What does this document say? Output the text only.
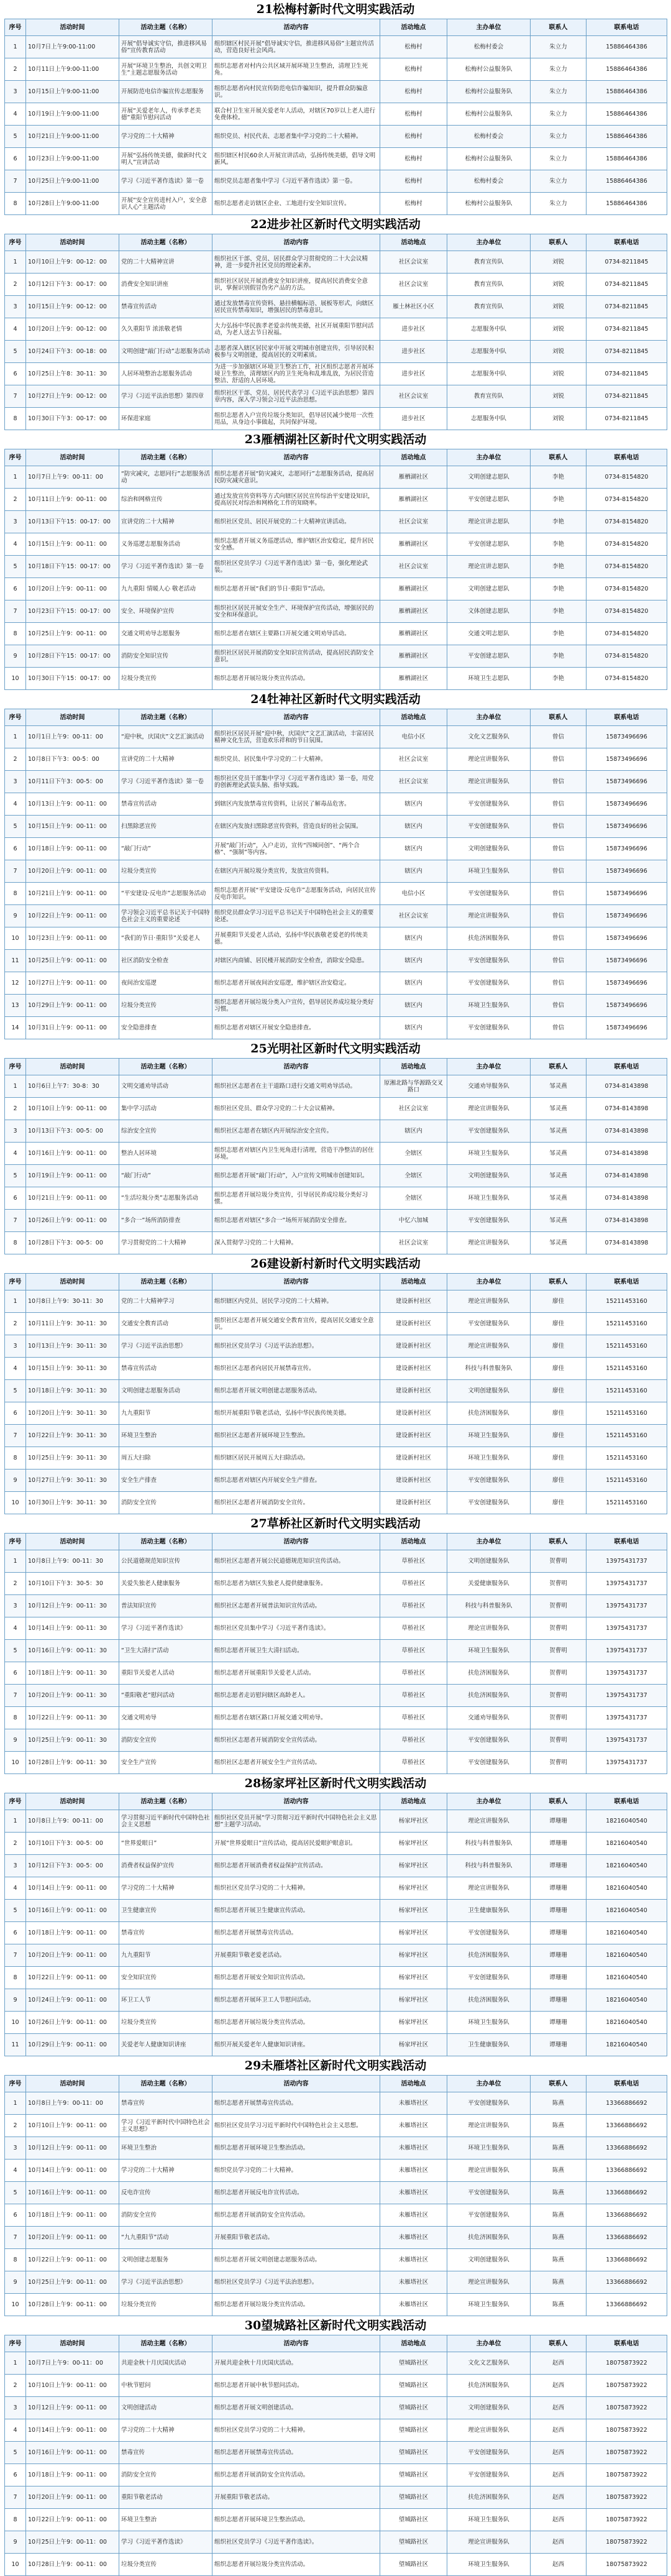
21松梅村新时代文明实践活动
序号	活动时间	活动主题（名称）	活动内容	活动地点	主办单位	联系人	联系电话
1	10月7日上午9:00-11:00	开展“倡导诚实守信，推进移风易俗”宣传教育活动	组织辖区村民开展“倡导诚实守信，推进移风易俗”主题宣传活动，营造良好社会风尚。	松梅村	松梅村委会	朱立力	15886464386
2	10月11日上午9:00-11:00	开展“环境卫生整治，共创文明卫生”主题志愿服务活动	组织志愿者对村内公共区域开展环境卫生整治，清理卫生死角。	松梅村	松梅村公益服务队	朱立力	15886464386
3	10月15日上午9:00-11:00	开展防范电信诈骗宣传志愿服务	组织志愿者向村民宣传防范电信诈骗知识，提升群众防骗意识。	松梅村	松梅村公益服务队	朱立力	15886464386
4	10月19日上午9:00-11:00	开展“关爱老年人，传承孝老美德”重阳节慰问活动	联合村卫生室开展关爱老年人活动，对辖区70岁以上老人进行免费体检。	松梅村	松梅村公益服务队	朱立力	15886464386
5	10月21日上午9:00-11:00	学习党的二十大精神	组织党员、村民代表、志愿者集中学习党的二十大精神。	松梅村	松梅村委会	朱立力	15886464386
6	10月23日上午9:00-11:00	开展“弘扬传统美德，做新时代文明人”宣讲活动	组织辖区村民60余人开展宣讲活动，弘扬传统美德，倡导文明新风。	松梅村	松梅村公益服务队	朱立力	15886464386
7	10月25日上午9:00-11:00	学习《习近平著作选读》第一卷	组织党员志愿者集中学习《习近平著作选读》第一卷。	松梅村	松梅村委会	朱立力	15886464386
8	10月28日上午9:00-11:00	开展“安全宣传进村入户，安全意识人心”主题活动	组织志愿者走访辖区企业、工地进行安全知识宣传。	松梅村	松梅村公益服务队	朱立力	15886464386
22进步社区新时代文明实践活动
序号	活动时间	活动主题（名称）	活动内容	活动地点	主办单位	联系人	联系电话
1	10月10日上午9：00-12：00	党的二十大精神宣讲	组织社区干部、党员、居民群众学习贯彻党的二十大会议精神，进一步提升社区党员的理论素养。	社区会议室	教育宣传队	刘锐	0734-8211845
2	10月12日下午3：00-17：00	消费安全知识讲座	组织社区居民开展消费安全知识讲座，提高居民消费安全意识，掌握识别假冒伪劣产品的方法。	社区会议室	教育宣传队	刘锐	0734-8211845
3	10月15日上午9：00-12：00	禁毒宣传活动	通过发放禁毒宣传资料、悬挂横幅标语、展板等形式，向辖区居民宣传禁毒知识，增强居民的禁毒意识。	雁土林社区小区	教育宣传队	刘锐	0734-8211845
4	10月20日上午9：00-12：00	久久重阳节 浓浓敬老情	大力弘扬中华民族孝老爱亲传统美德，社区开展重阳节慰问活动，为老人送去节日祝福。	进步社区	志愿服务中队	刘锐	0734-8211845
5	10月24日下午3：00-18：00	文明创建“敲门行动”志愿服务活动	志愿者深入辖区居民家中开展文明城市创建宣传，引导居民积极参与文明创建，提高居民的文明素质。	进步社区	志愿服务中队	刘锐	0734-8211845
6	10月25日上午8：30-11：30	人居环境整治志愿服务活动	为进一步加强辖区环境卫生整治工作，社区组织志愿者开展环境卫生整治，清理辖区内的卫生死角和乱堆乱放，为居民营造整洁、舒适的人居环境。	进步社区	志愿服务中队	刘锐	0734-8211845
7	10月27日上午9：00-12：00	学习《习近平法治思想》第四章	组织社区干部、党员、居民代表学习《习近平法治思想》第四章内容，深入学习领会习近平法治思想。	社区会议室	教育宣传队	刘锐	0734-8211845
8	10月30日下午3：00-17：00	环保进家庭	组织志愿者入户宣传垃圾分类知识，倡导居民减少使用一次性用品，从身边小事做起，共同保护环境。	进步社区	志愿服务中队	刘锐	0734-8211845
23雁栖湖社区新时代文明实践活动
序号	活动时间	活动主题（名称）	活动内容	活动地点	主办单位	联系人	联系电话
1	10月7日上午9：00-11：00	“防灾减灾，志愿同行”志愿服务活动	组织志愿者开展“防灾减灾，志愿同行”志愿服务活动，提高居民防灾减灾意识。	雁栖湖社区	文明创建志愿队	李艳	0734-8154820
2	10月11日上午9：00-11：00	综治和网格宣传	通过发放宣传资料等方式向辖区居民宣传综治平安建设知识，提高居民对综治和网格化工作的知晓率。	雁栖湖社区	平安创建志愿队	李艳	0734-8154820
3	10月13日下午15：00-17：00	宣讲党的二十大精神	组织社区党员、居民开展党的二十大精神宣讲活动。	社区会议室	理论宣讲志愿队	李艳	0734-8154820
4	10月15日上午9：00-11：00	义务巡逻志愿服务活动	组织志愿者开展义务巡逻活动，维护辖区治安稳定，提升居民安全感。	雁栖湖社区	平安创建志愿队	李艳	0734-8154820
5	10月18日下午15：00-17：00	学习《习近平著作选读》第一卷	组织社区党员学习《习近平著作选读》第一卷，强化理论武装。	社区会议室	理论宣讲志愿队	李艳	0734-8154820
6	10月20日上午9：00-11：00	九九重阳 情暖人心 敬老活动	组织志愿者开展“我们的节日·重阳节”活动。	雁栖湖社区	文明创建志愿队	李艳	0734-8154820
7	10月23日下午15：00-17：00	安全、环境保护宣传	组织社区居民开展安全生产、环境保护宣传活动，增强居民的安全和环保意识。	雁栖湖社区	文体创建志愿队	李艳	0734-8154820
8	10月25日上午9：00-11：00	交通文明劝导志愿服务	组织志愿者在辖区主要路口开展交通文明劝导活动。	雁栖湖社区	交通文明志愿队	李艳	0734-8154820
9	10月28日下午15：00-17：00	消防安全知识宣传	组织社区居民开展消防安全知识宣传活动，提高居民消防安全意识。	雁栖湖社区	平安创建志愿队	李艳	0734-8154820
10	10月30日下午15：00-17：00	垃圾分类宣传	组织志愿者开展垃圾分类宣传活动。	雁栖湖社区	环境卫生志愿队	李艳	0734-8154820
24牡神社区新时代文明实践活动
序号	活动时间	活动主题（名称）	活动内容	活动地点	主办单位	联系人	联系电话
1	10月1日上午9：00-11：00	“迎中秋，庆国庆”文艺汇演活动	组织社区居民开展“迎中秋，庆国庆”文艺汇演活动，丰富居民精神文化生活，营造欢乐祥和的节日氛围。	电信小区	文化文艺服务队	曾信	15873496696
2	10月8日下午3：00-5：00	宣讲党的二十大精神	组织党员、居民集中学习党的二十大精神。	社区会议室	理论宣讲服务队	曾信	15873496696
3	10月11日下午3：00-5：00	学习《习近平著作选读》第一卷	组织社区党员干部集中学习《习近平著作选读》第一卷，用党的创新理论武装头脑、指导实践。	社区会议室	理论宣讲服务队	曾信	15873496696
4	10月13日上午9：00-11：00	禁毒宣传活动	到辖区内发放禁毒宣传资料，让居民了解毒品危害。	辖区内	平安创建服务队	曾信	15873496696
5	10月15日上午9：00-11：00	扫黑除恶宣传	在辖区内发放扫黑除恶宣传资料，营造良好的社会氛围。	辖区内	平安创建服务队	曾信	15873496696
6	10月18日上午9：00-11：00	“敲门行动”	开展“敲门行动”，入户走访，宣传“四城同创”、“两个合格”、“强制”等内容。	辖区内	文明创建服务队	曾信	15873496696
7	10月20日上午9：00-11：00	垃圾分类宣传	在辖区内开展垃圾分类宣传，发放宣传资料。	辖区内	环境卫生服务队	曾信	15873496696
8	10月21日上午9：00-11：00	“平安建设·反电诈”志愿服务活动	组织志愿者开展“平安建设·反电诈”志愿服务活动，向居民宣传反电诈知识。	电信小区	平安创建服务队	曾信	15873496696
9	10月22日上午9：00-11：00	学习领会习近平总书记关于中国特色社会主义的重要论述	组织党员群众学习习近平总书记关于中国特色社会主义的重要论述。	社区会议室	理论宣讲服务队	曾信	15873496696
10	10月23日上午9：00-11：00	“我们的节日·重阳节”关爱老人	开展重阳节关爱老人活动，弘扬中华民族敬老爱老的传统美德。	辖区内	扶危济困服务队	曾信	15873496696
11	10月25日上午9：00-11：00	社区消防安全检查	对辖区内商铺、居民楼开展消防安全检查，消除安全隐患。	辖区内	平安创建服务队	曾信	15873496696
12	10月27日上午9：00-11：00	夜间治安巡逻	组织志愿者开展夜间治安巡逻，维护辖区治安稳定。	辖区内	平安创建服务队	曾信	15873496696
13	10月29日上午9：00-11：00	垃圾分类宣传	组织志愿者开展垃圾分类入户宣传，倡导居民养成垃圾分类好习惯。	辖区内	环境卫生服务队	曾信	15873496696
14	10月31日上午9：00-11：00	安全隐患排查	组织志愿者对辖区开展安全隐患排查。	辖区内	平安创建服务队	曾信	15873496696
25光明社区新时代文明实践活动
序号	活动时间	活动主题（名称）	活动内容	活动地点	主办单位	联系人	联系电话
1	10月6日上午7：30-8：30	文明交通劝导活动	组织社区志愿者在主干道路口进行交通文明劝导活动。	原湘北路与华源路交叉路口	交通劝导服务队	邹灵燕	0734-8143898
2	10月10日上午9：00-11：00	集中学习活动	组织社区党员、群众学习党的二十大会议精神。	社区会议室	理论宣讲服务队	邹灵燕	0734-8143898
3	10月13日下午3：00-5：00	综治安全宣传	组织社区志愿者在辖区内开展综治安全宣传。	辖区内	平安创建服务队	邹灵燕	0734-8143898
4	10月16日上午9：00-11：00	整治人居环境	组织志愿者对辖区内卫生死角进行清理，营造干净整洁的居住环境。	全辖区	环境卫生服务队	邹灵燕	0734-8143898
5	10月19日上午9：00-11：00	“敲门行动”	组织志愿者开展“敲门行动”，入户宣传文明城市创建知识。	全辖区	文明创建服务队	邹灵燕	0734-8143898
6	10月21日上午9：00-11：00	“生活垃圾分类”志愿服务活动	组织志愿者开展垃圾分类宣传，引导居民养成垃圾分类好习惯。	全辖区	环境卫生服务队	邹灵燕	0734-8143898
7	10月26日上午9：00-11：00	“多合一”场所消防排查	组织志愿者对辖区“多合一”场所开展消防安全排查。	中忆六加城	平安创建服务队	邹灵燕	0734-8143898
8	10月28日下午3：00-5：00	学习贯彻党的二十大精神	深入贯彻学习党的二十大精神。	社区会议室	理论宣讲服务队	邹灵燕	0734-8143898
26建设新村新时代文明实践活动
序号	活动时间	活动主题（名称）	活动内容	活动地点	主办单位	联系人	联系电话
1	10月8日上午9：30-11：30	党的二十大精神学习	组织辖区内党员、居民学习党的二十大精神。	建设新村社区	理论宣讲服务队	廖佳	15211453160
2	10月11日上午9：30-11：30	交通安全教育活动	组织社区志愿者开展交通安全教育宣传，提高居民交通安全意识。	建设新村社区	平安创建服务队	廖佳	15211453160
3	10月13日上午9：30-11：30	学习《习近平法治思想》	组织社区党员学习《习近平法治思想》。	建设新村社区	理论宣讲服务队	廖佳	15211453160
4	10月15日上午9：30-11：30	禁毒宣传活动	组织社区志愿者向居民开展禁毒宣传。	建设新村社区	科技与科普服务队	廖佳	15211453160
5	10月18日上午9：30-11：30	文明创建志愿服务活动	组织志愿者开展文明创建志愿服务活动。	建设新村社区	文明创建服务队	廖佳	15211453160
6	10月20日上午9：30-11：30	九九重阳节	组织开展重阳节敬老活动，弘扬中华民族传统美德。	建设新村社区	扶危济困服务队	廖佳	15211453160
7	10月22日上午9：30-11：30	环境卫生整治	组织社区志愿者开展环境卫生整治。	建设新村社区	环境卫生服务队	廖佳	15211453160
8	10月25日上午9：30-11：30	周五大扫除	组织辖区居民开展周五大扫除活动。	建设新村社区	环境卫生服务队	廖佳	15211453160
9	10月27日上午9：30-11：30	安全生产排查	组织志愿者对辖区内开展安全生产排查。	建设新村社区	平安创建服务队	廖佳	15211453160
10	10月30日上午9：30-11：30	消防安全宣传	组织社区志愿者开展消防安全宣传。	建设新村社区	平安创建服务队	廖佳	15211453160
27草桥社区新时代文明实践活动
序号	活动时间	活动主题（名称）	活动内容	活动地点	主办单位	联系人	联系电话
1	10月8日上午9：00-11：30	公民道德规范知识宣传	组织社区志愿者开展公民道德规范知识宣传活动。	草桥社区	文明创建服务队	贺曹明	13975431737
2	10月10日下午3：30-5：30	关爱失独老人健康服务	组织志愿者为辖区失独老人提供健康服务。	草桥社区	关爱健康服务队	贺曹明	13975431737
3	10月12日上午9：00-11：30	普法知识宣传	组织社区志愿者开展普法知识宣传活动。	草桥社区	科技与科普服务队	贺曹明	13975431737
4	10月14日上午9：00-11：30	学习《习近平著作选读》	组织社区党员集中学习《习近平著作选读》。	草桥社区	理论宣讲服务队	贺曹明	13975431737
5	10月16日上午9：00-11：30	“卫生大清扫”活动	组织志愿者开展卫生大清扫活动。	草桥社区	环境卫生服务队	贺曹明	13975431737
6	10月18日上午9：00-11：30	重阳节关爱老人活动	组织志愿者开展重阳节关爱老人活动。	草桥社区	扶危济困服务队	贺曹明	13975431737
7	10月20日上午9：00-11：30	“重阳敬老”慰问活动	组织志愿者走访慰问辖区高龄老人。	草桥社区	扶危济困服务队	贺曹明	13975431737
8	10月22日上午9：00-11：30	交通文明劝导	组织志愿者在辖区路口开展交通文明劝导。	草桥社区	交通劝导服务队	贺曹明	13975431737
9	10月25日上午9：00-11：30	消防安全宣传	组织社区志愿者开展消防安全宣传活动。	草桥社区	平安创建服务队	贺曹明	13975431737
10	10月28日上午9：00-11：30	安全生产宣传	组织社区志愿者开展安全生产宣传活动。	草桥社区	平安创建服务队	贺曹明	13975431737
28杨家坪社区新时代文明实践活动
序号	活动时间	活动主题（名称）	活动内容	活动地点	主办单位	联系人	联系电话
1	10月8日上午9：00-11：00	学习贯彻习近平新时代中国特色社会主义思想	组织社区党员开展“学习贯彻习近平新时代中国特色社会主义思想”主题学习活动。	杨家坪社区	理论宣讲服务队	谭珊珊	18216040540
2	10月10日下午3：00-5：00	“世界爱眼日”	开展“世界爱眼日”宣传活动，提高居民爱眼护眼意识。	杨家坪社区	科技与科普服务队	谭珊珊	18216040540
3	10月12日下午3：00-5：00	消费者权益保护宣传	组织志愿者开展消费者权益保护宣传活动。	杨家坪社区	科技与科普服务队	谭珊珊	18216040540
4	10月14日上午9：00-11：00	学习党的二十大精神	组织社区党员学习党的二十大精神。	杨家坪社区	理论宣讲服务队	谭珊珊	18216040540
5	10月16日上午9：00-11：00	卫生健康宣传	组织志愿者开展卫生健康宣传活动。	杨家坪社区	卫生健康服务队	谭珊珊	18216040540
6	10月18日上午9：00-11：00	禁毒宣传	组织志愿者开展禁毒宣传活动。	杨家坪社区	平安创建服务队	谭珊珊	18216040540
7	10月20日上午9：00-11：00	九九重阳节	开展重阳节敬老爱老活动。	杨家坪社区	扶危济困服务队	谭珊珊	18216040540
8	10月22日上午9：00-11：00	安全知识宣传	组织志愿者开展安全知识宣传活动。	杨家坪社区	平安创建服务队	谭珊珊	18216040540
9	10月24日上午9：00-11：00	环卫工人节	组织志愿者开展环卫工人节慰问活动。	杨家坪社区	扶危济困服务队	谭珊珊	18216040540
10	10月26日上午9：00-11：00	垃圾分类宣传	组织志愿者开展垃圾分类宣传活动。	杨家坪社区	环境卫生服务队	谭珊珊	18216040540
11	10月29日上午9：00-11：00	关爱老年人健康知识讲座	组织开展关爱老年人健康知识讲座。	杨家坪社区	卫生健康服务队	谭珊珊	18216040540
29未雁塔社区新时代文明实践活动
序号	活动时间	活动主题（名称）	活动内容	活动地点	主办单位	联系人	联系电话
1	10月8日上午9：00-11：00	禁毒宣传	组织志愿者开展禁毒宣传活动。	未雁塔社区	平安创建服务队	陈燕	13366886692
2	10月10日上午9：00-11：00	学习《习近平新时代中国特色社会主义思想》	组织社区党员学习习近平新时代中国特色社会主义思想。	未雁塔社区	理论宣讲服务队	陈燕	13366886692
3	10月12日上午9：00-11：00	环境卫生整治	组织志愿者开展环境卫生整治活动。	未雁塔社区	环境卫生服务队	陈燕	13366886692
4	10月14日上午9：00-11：00	学习党的二十大精神	组织党员学习党的二十大精神。	未雁塔社区	理论宣讲服务队	陈燕	13366886692
5	10月16日上午9：00-11：00	反电诈宣传	组织志愿者开展反电诈宣传活动。	未雁塔社区	平安创建服务队	陈燕	13366886692
6	10月18日上午9：00-11：00	消防安全宣传	组织志愿者开展消防安全宣传活动。	未雁塔社区	平安创建服务队	陈燕	13366886692
7	10月20日上午9：00-11：00	“九九重阳节”活动	开展重阳节敬老活动。	未雁塔社区	扶危济困服务队	陈燕	13366886692
8	10月22日上午9：00-11：00	文明创建志愿服务	组织志愿者开展文明创建志愿服务活动。	未雁塔社区	文明创建服务队	陈燕	13366886692
9	10月25日上午9：00-11：00	学习《习近平法治思想》	组织社区党员学习《习近平法治思想》。	未雁塔社区	理论宣讲服务队	陈燕	13366886692
10	10月28日上午9：00-11：00	垃圾分类宣传	组织志愿者开展垃圾分类宣传活动。	未雁塔社区	环境卫生服务队	陈燕	13366886692
30望城路社区新时代文明实践活动
序号	活动时间	活动主题（名称）	活动内容	活动地点	主办单位	联系人	联系电话
1	10月7日上午9：00-11：00	共迎金秋十月庆国庆活动	开展共迎金秋十月庆国庆活动。	望城路社区	文化文艺服务队	赵西	18075873922
2	10月10日上午9：00-11：00	中秋节慰问	组织志愿者开展中秋节慰问活动。	望城路社区	扶危济困服务队	赵西	18075873922
3	10月12日上午9：00-11：00	文明创建活动	组织志愿者开展文明创建活动。	望城路社区	文明创建服务队	赵西	18075873922
4	10月14日上午9：00-11：00	学习党的二十大精神	组织社区党员学习党的二十大精神。	望城路社区	理论宣讲服务队	赵西	18075873922
5	10月16日上午9：00-11：00	禁毒宣传	组织志愿者开展禁毒宣传活动。	望城路社区	平安创建服务队	赵西	18075873922
6	10月18日上午9：00-11：00	消防安全宣传	组织志愿者开展消防安全宣传活动。	望城路社区	平安创建服务队	赵西	18075873922
7	10月20日上午9：00-11：00	重阳节敬老活动	开展重阳节敬老活动。	望城路社区	扶危济困服务队	赵西	18075873922
8	10月22日上午9：00-11：00	环境卫生整治	组织志愿者开展环境卫生整治活动。	望城路社区	环境卫生服务队	赵西	18075873922
9	10月25日上午9：00-11：00	学习《习近平著作选读》	组织社区党员学习《习近平著作选读》。	望城路社区	理论宣讲服务队	赵西	18075873922
10	10月28日上午9：00-11：00	垃圾分类宣传	组织志愿者开展垃圾分类宣传活动。	望城路社区	环境卫生服务队	赵西	18075873922
